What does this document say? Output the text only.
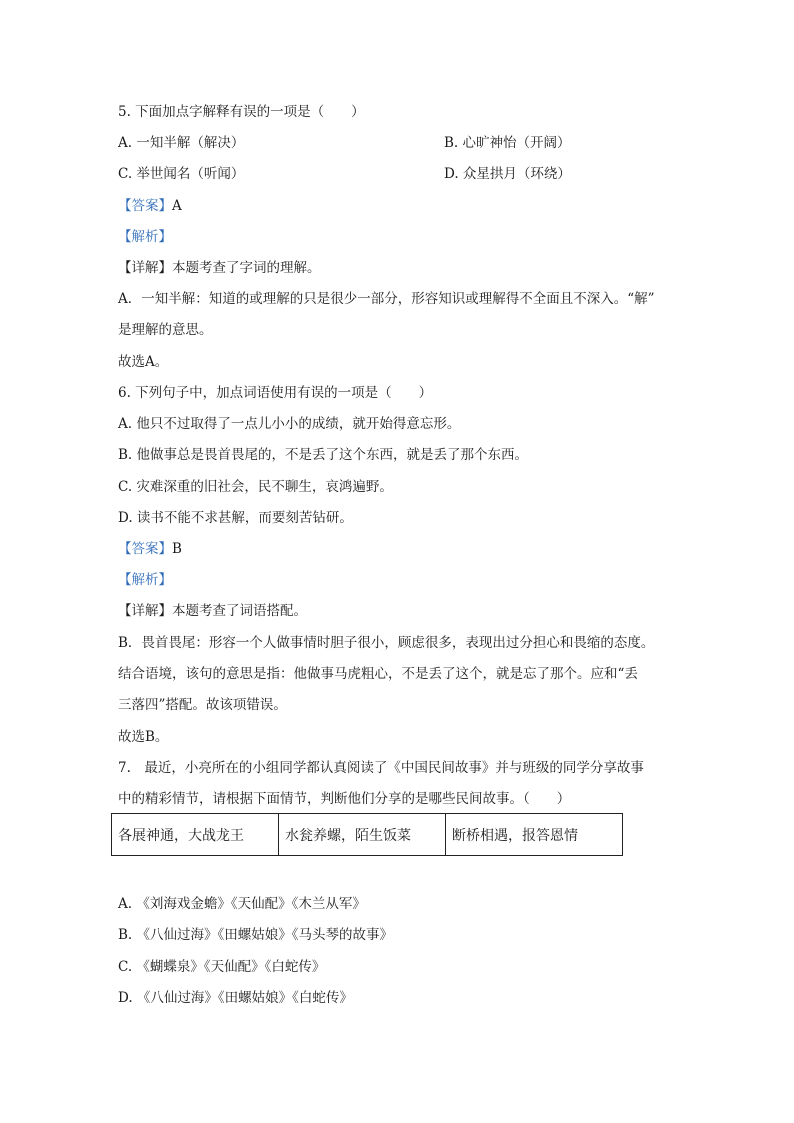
5. 下面加点字解释有误的一项是（　　）
A. 一知半解（解决）	B. 心旷神怡（开阔）
C. 举世闻名（听闻）	D. 众星拱月（环绕）
【答案】A
【解析】
【详解】本题考查了字词的理解。
A．一知半解：知道的或理解的只是很少一部分，形容知识或理解得不全面且不深入。“解”
是理解的意思。
故选A。
6. 下列句子中，加点词语使用有误的一项是（　　）
A. 他只不过取得了一点儿小小的成绩，就开始得意忘形。
B. 他做事总是畏首畏尾的，不是丢了这个东西，就是丢了那个东西。
C. 灾难深重的旧社会，民不聊生，哀鸿遍野。
D. 读书不能不求甚解，而要刻苦钻研。
【答案】B
【解析】
【详解】本题考查了词语搭配。
B．畏首畏尾：形容一个人做事情时胆子很小，顾虑很多，表现出过分担心和畏缩的态度。
结合语境，该句的意思是指：他做事马虎粗心，不是丢了这个，就是忘了那个。应和“丢
三落四”搭配。故该项错误。
故选B。
7.　最近，小亮所在的小组同学都认真阅读了《中国民间故事》并与班级的同学分享故事
中的精彩情节，请根据下面情节，判断他们分享的是哪些民间故事。（　　）
各展神通，大战龙王	水瓮养螺，陌生饭菜	断桥相遇，报答恩情
A. 《刘海戏金蟾》《天仙配》《木兰从军》
B. 《八仙过海》《田螺姑娘》《马头琴的故事》
C. 《蝴蝶泉》《天仙配》《白蛇传》
D. 《八仙过海》《田螺姑娘》《白蛇传》
